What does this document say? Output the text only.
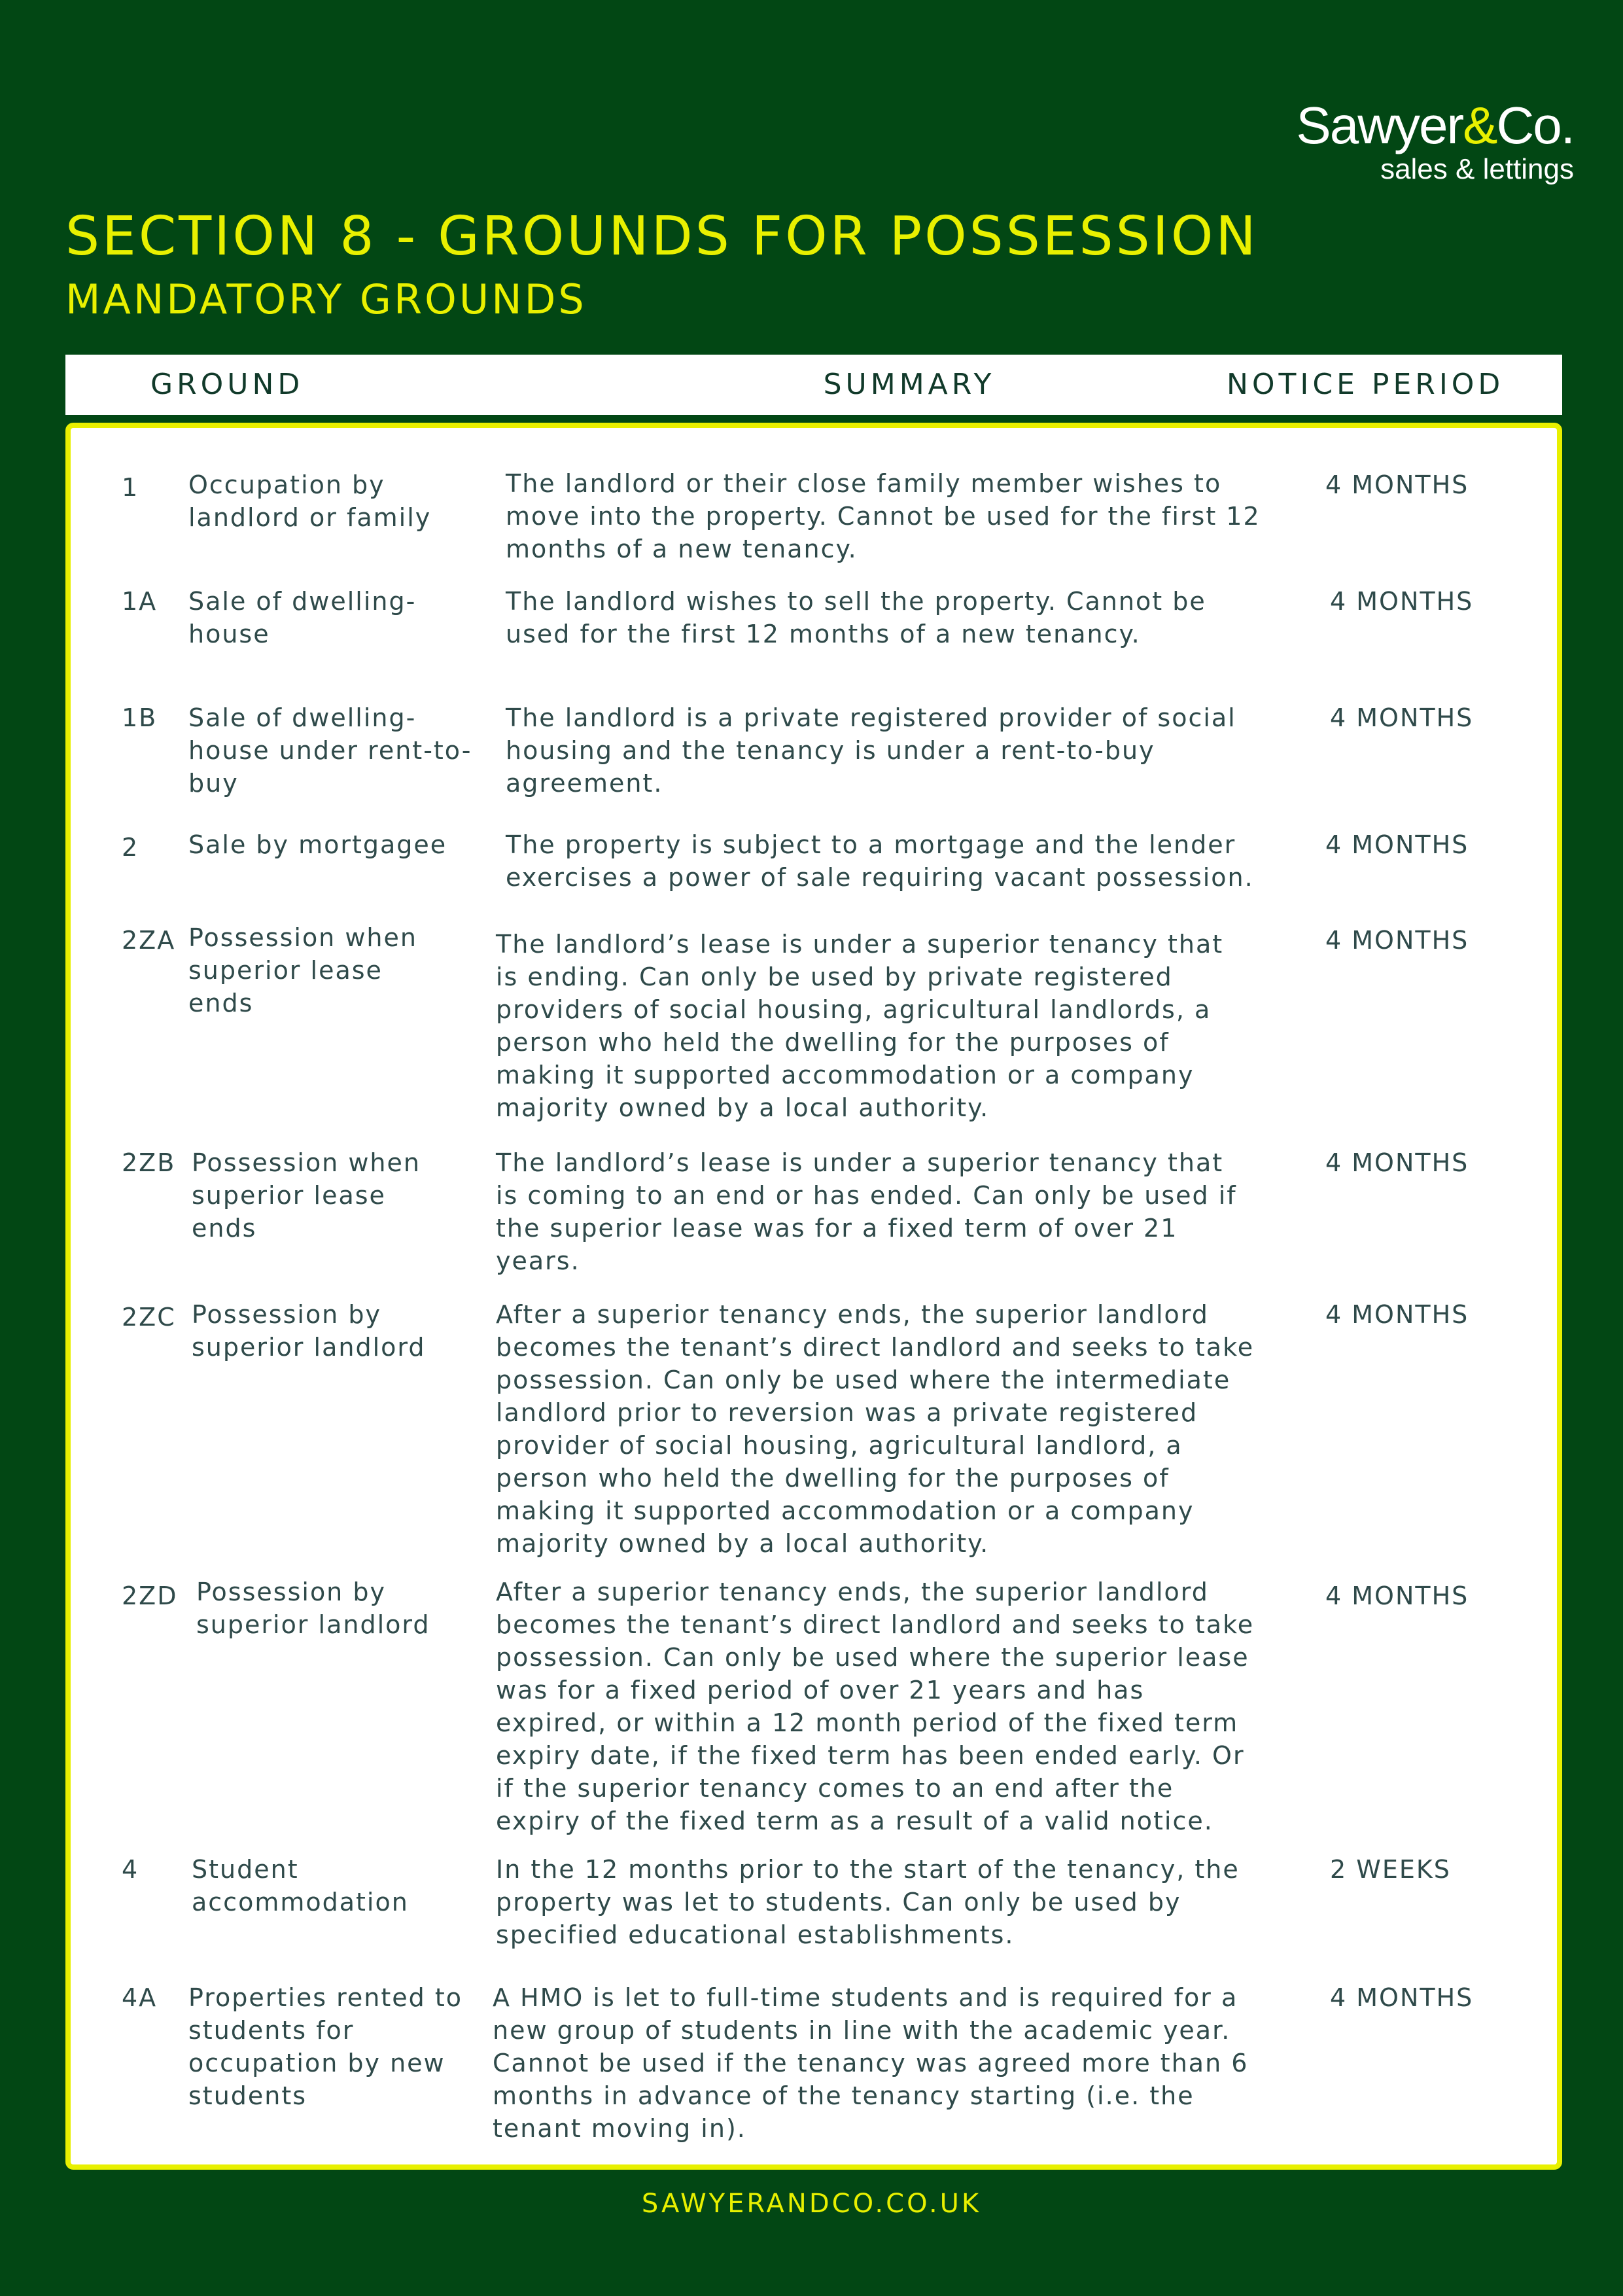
Sawyer&Co.
sales & lettings
SECTION 8 - GROUNDS FOR POSSESSION
MANDATORY GROUNDS
GROUND	SUMMARY	NOTICE PERIOD
1	Occupation by landlord or family
The landlord or their close family member wishes to move into the property. Cannot be used for the first 12 months of a new tenancy.
4 MONTHS
1A	Sale of dwelling-house
The landlord wishes to sell the property. Cannot be used for the first 12 months of a new tenancy.
4 MONTHS
1B	Sale of dwelling-house under rent-to-buy
The landlord is a private registered provider of social housing and the tenancy is under a rent-to-buy agreement.
4 MONTHS
2	Sale by mortgagee	The property is subject to a mortgage and the lender exercises a power of sale requiring vacant possession.
4 MONTHS
2ZA Possession when superior lease ends
The landlord’s lease is under a superior tenancy that is ending. Can only be used by private registered providers of social housing, agricultural landlords, a person who held the dwelling for the purposes of making it supported accommodation or a company majority owned by a local authority.
4 MONTHS
2ZB Possession when superior lease ends
The landlord’s lease is under a superior tenancy that is coming to an end or has ended. Can only be used if the superior lease was for a fixed term of over 21 years.
4 MONTHS
2ZC Possession by superior landlord
After a superior tenancy ends, the superior landlord becomes the tenant’s direct landlord and seeks to take possession. Can only be used where the intermediate landlord prior to reversion was a private registered provider of social housing, agricultural landlord, a person who held the dwelling for the purposes of making it supported accommodation or a company majority owned by a local authority.
4 MONTHS
2ZD Possession by superior landlord
After a superior tenancy ends, the superior landlord becomes the tenant’s direct landlord and seeks to take possession. Can only be used where the superior lease was for a fixed period of over 21 years and has expired, or within a 12 month period of the fixed term expiry date, if the fixed term has been ended early. Or if the superior tenancy comes to an end after the expiry of the fixed term as a result of a valid notice.
4 MONTHS
4	Student accommodation
In the 12 months prior to the start of the tenancy, the property was let to students. Can only be used by specified educational establishments.
2 WEEKS
4A	Properties rented to students for occupation by new students
A HMO is let to full-time students and is required for a new group of students in line with the academic year. Cannot be used if the tenancy was agreed more than 6 months in advance of the tenancy starting (i.e. the tenant moving in).
4 MONTHS
SAWYERANDCO.CO.UK
